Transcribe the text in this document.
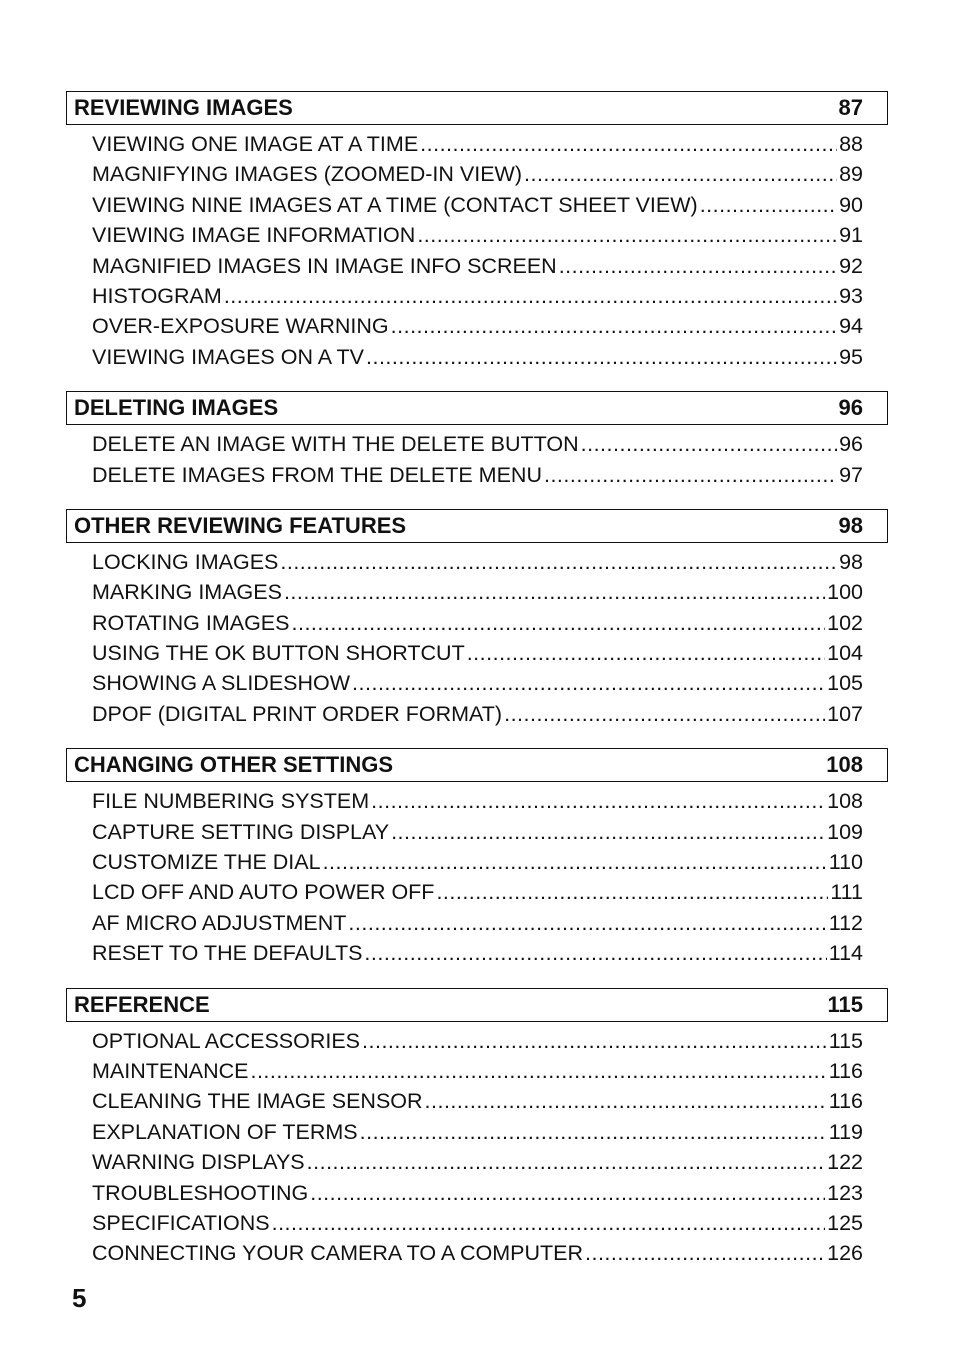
REVIEWING IMAGES	87
VIEWING ONE IMAGE AT A TIME .....	88
MAGNIFYING IMAGES (ZOOMED-IN VIEW) .....	89
VIEWING NINE IMAGES AT A TIME (CONTACT SHEET VIEW) .....	90
VIEWING IMAGE INFORMATION .....	91
MAGNIFIED IMAGES IN IMAGE INFO SCREEN .....	92
HISTOGRAM .....	93
OVER-EXPOSURE WARNING .....	94
VIEWING IMAGES ON A TV .....	95
DELETING IMAGES	96
DELETE AN IMAGE WITH THE DELETE BUTTON .....	96
DELETE IMAGES FROM THE DELETE MENU .....	97
OTHER REVIEWING FEATURES	98
LOCKING IMAGES .....	98
MARKING IMAGES .....	100
ROTATING IMAGES .....	102
USING THE OK BUTTON SHORTCUT .....	104
SHOWING A SLIDESHOW .....	105
DPOF (DIGITAL PRINT ORDER FORMAT) .....	107
CHANGING OTHER SETTINGS	108
FILE NUMBERING SYSTEM .....	108
CAPTURE SETTING DISPLAY .....	109
CUSTOMIZE THE DIAL .....	110
LCD OFF AND AUTO POWER OFF .....	111
AF MICRO ADJUSTMENT .....	112
RESET TO THE DEFAULTS .....	114
REFERENCE	115
OPTIONAL ACCESSORIES .....	115
MAINTENANCE .....	116
CLEANING THE IMAGE SENSOR .....	116
EXPLANATION OF TERMS .....	119
WARNING DISPLAYS .....	122
TROUBLESHOOTING .....	123
SPECIFICATIONS .....	125
CONNECTING YOUR CAMERA TO A COMPUTER .....	126
5
